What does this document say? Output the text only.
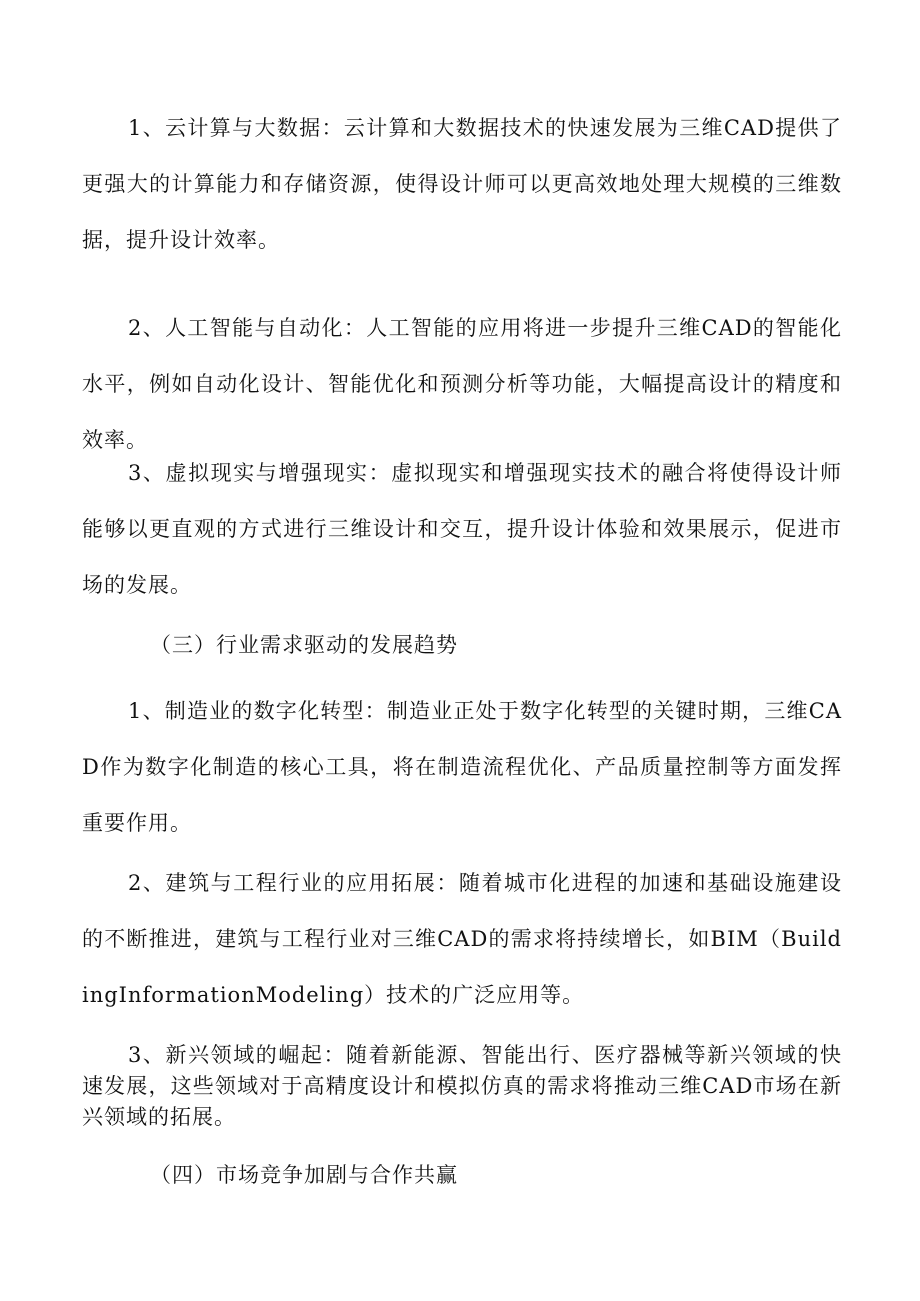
1、云计算与大数据：云计算和大数据技术的快速发展为三维CAD提供了更强大的计算能力和存储资源，使得设计师可以更高效地处理大规模的三维数据，提升设计效率。

2、人工智能与自动化：人工智能的应用将进一步提升三维CAD的智能化水平，例如自动化设计、智能优化和预测分析等功能，大幅提高设计的精度和效率。

3、虚拟现实与增强现实：虚拟现实和增强现实技术的融合将使得设计师能够以更直观的方式进行三维设计和交互，提升设计体验和效果展示，促进市场的发展。

（三）行业需求驱动的发展趋势

1、制造业的数字化转型：制造业正处于数字化转型的关键时期，三维CAD作为数字化制造的核心工具，将在制造流程优化、产品质量控制等方面发挥重要作用。

2、建筑与工程行业的应用拓展：随着城市化进程的加速和基础设施建设的不断推进，建筑与工程行业对三维CAD的需求将持续增长，如BIM（BuildingInformationModeling）技术的广泛应用等。

3、新兴领域的崛起：随着新能源、智能出行、医疗器械等新兴领域的快速发展，这些领域对于高精度设计和模拟仿真的需求将推动三维CAD市场在新兴领域的拓展。

（四）市场竞争加剧与合作共赢
